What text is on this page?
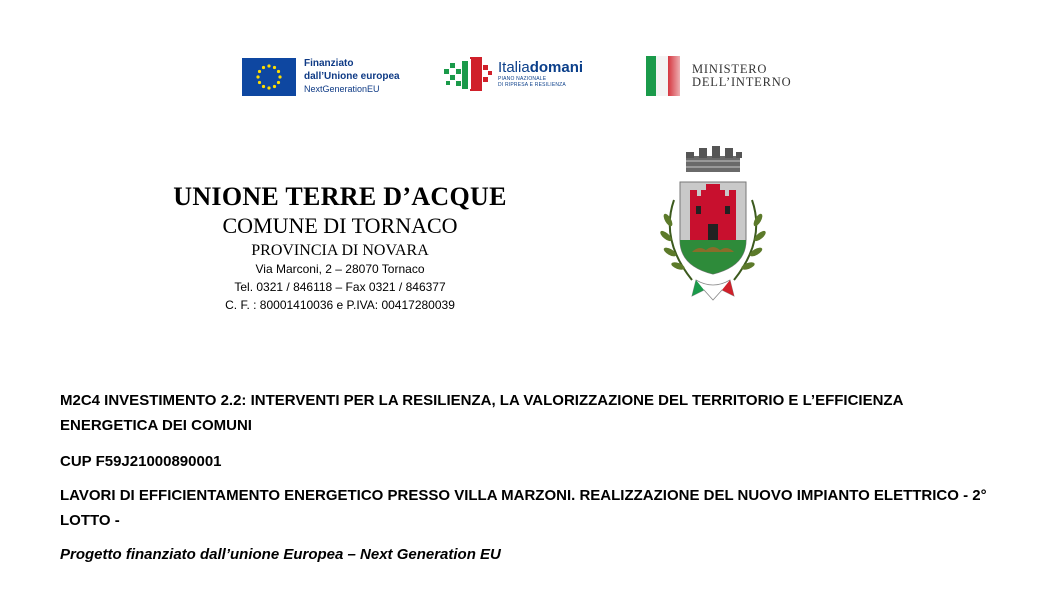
Finanziato
dall’Unione europea
NextGenerationEU
Italiadomani
PIANO NAZIONALE
DI RIPRESA E RESILIENZA
MINISTERO
DELL’INTERNO
UNIONE TERRE D’ACQUE
COMUNE DI TORNACO
PROVINCIA DI NOVARA
Via Marconi, 2 – 28070 Tornaco
Tel. 0321 / 846118 – Fax 0321 / 846377
C. F. : 80001410036 e P.IVA: 00417280039
M2C4 INVESTIMENTO 2.2: INTERVENTI PER LA RESILIENZA, LA VALORIZZAZIONE DEL TERRITORIO E L’EFFICIENZA ENERGETICA DEI COMUNI
CUP F59J21000890001
LAVORI DI EFFICIENTAMENTO ENERGETICO PRESSO VILLA MARZONI. REALIZZAZIONE DEL NUOVO IMPIANTO ELETTRICO - 2° LOTTO -
Progetto finanziato dall’unione Europea – Next Generation EU
